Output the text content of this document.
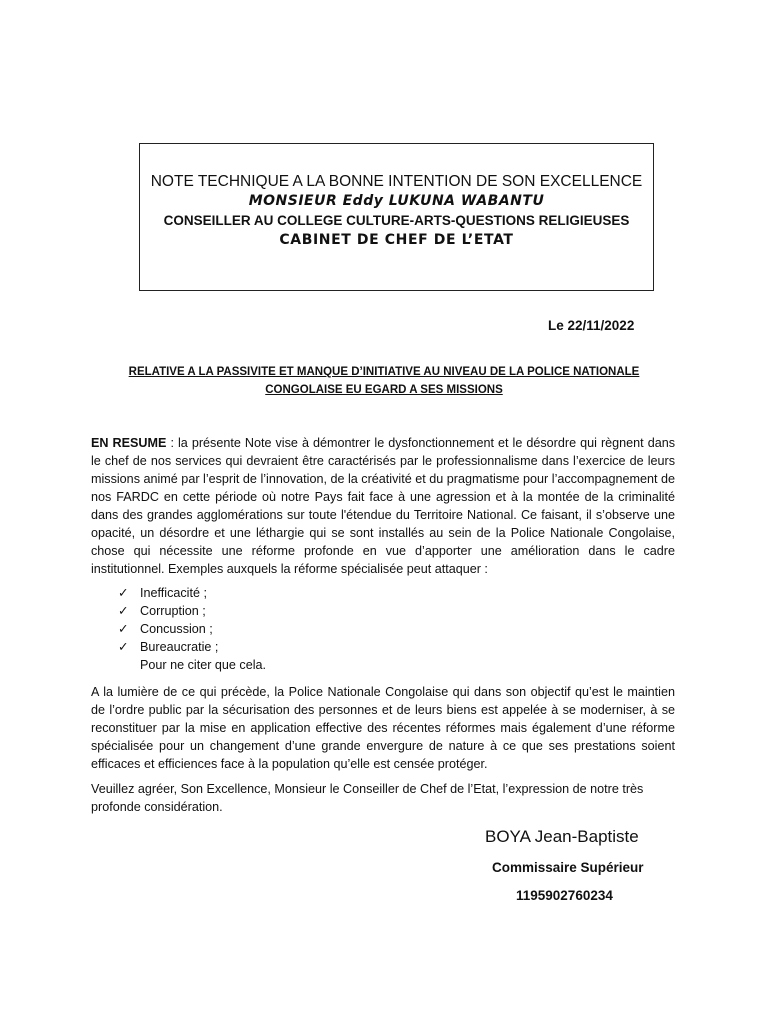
NOTE TECHNIQUE A LA BONNE INTENTION DE SON EXCELLENCE
MONSIEUR Eddy LUKUNA WABANTU
CONSEILLER AU COLLEGE CULTURE-ARTS-QUESTIONS RELIGIEUSES
CABINET DE CHEF DE L’ETAT
Le 22/11/2022
RELATIVE A LA PASSIVITE ET MANQUE D’INITIATIVE AU NIVEAU DE LA POLICE NATIONALE CONGOLAISE EU EGARD A SES MISSIONS
EN RESUME : la présente Note vise à démontrer le dysfonctionnement et le désordre qui règnent dans le chef de nos services qui devraient être caractérisés par le professionnalisme dans l’exercice de leurs missions animé par l’esprit de l’innovation, de la créativité et du pragmatisme pour l’accompagnement de nos FARDC en cette période où notre Pays fait face à une agression et à la montée de la criminalité dans des grandes agglomérations sur toute l'étendue du Territoire National. Ce faisant, il s’observe une opacité, un désordre et une léthargie qui se sont installés au sein de la Police Nationale Congolaise, chose qui nécessite une réforme profonde en vue d’apporter une amélioration dans le cadre institutionnel. Exemples auxquels la réforme spécialisée peut attaquer :
✓ Inefficacité ;
✓ Corruption ;
✓ Concussion ;
✓ Bureaucratie ;
Pour ne citer que cela.
A la lumière de ce qui précède, la Police Nationale Congolaise qui dans son objectif qu’est le maintien de l’ordre public par la sécurisation des personnes et de leurs biens est appelée à se moderniser, à se reconstituer par la mise en application effective des récentes réformes mais également d’une réforme spécialisée pour un changement d’une grande envergure de nature à ce que ses prestations soient efficaces et efficiences face à la population qu’elle est censée protéger.
Veuillez agréer, Son Excellence, Monsieur le Conseiller de Chef de l’Etat, l’expression de notre très profonde considération.
BOYA Jean-Baptiste
Commissaire Supérieur
1195902760234
